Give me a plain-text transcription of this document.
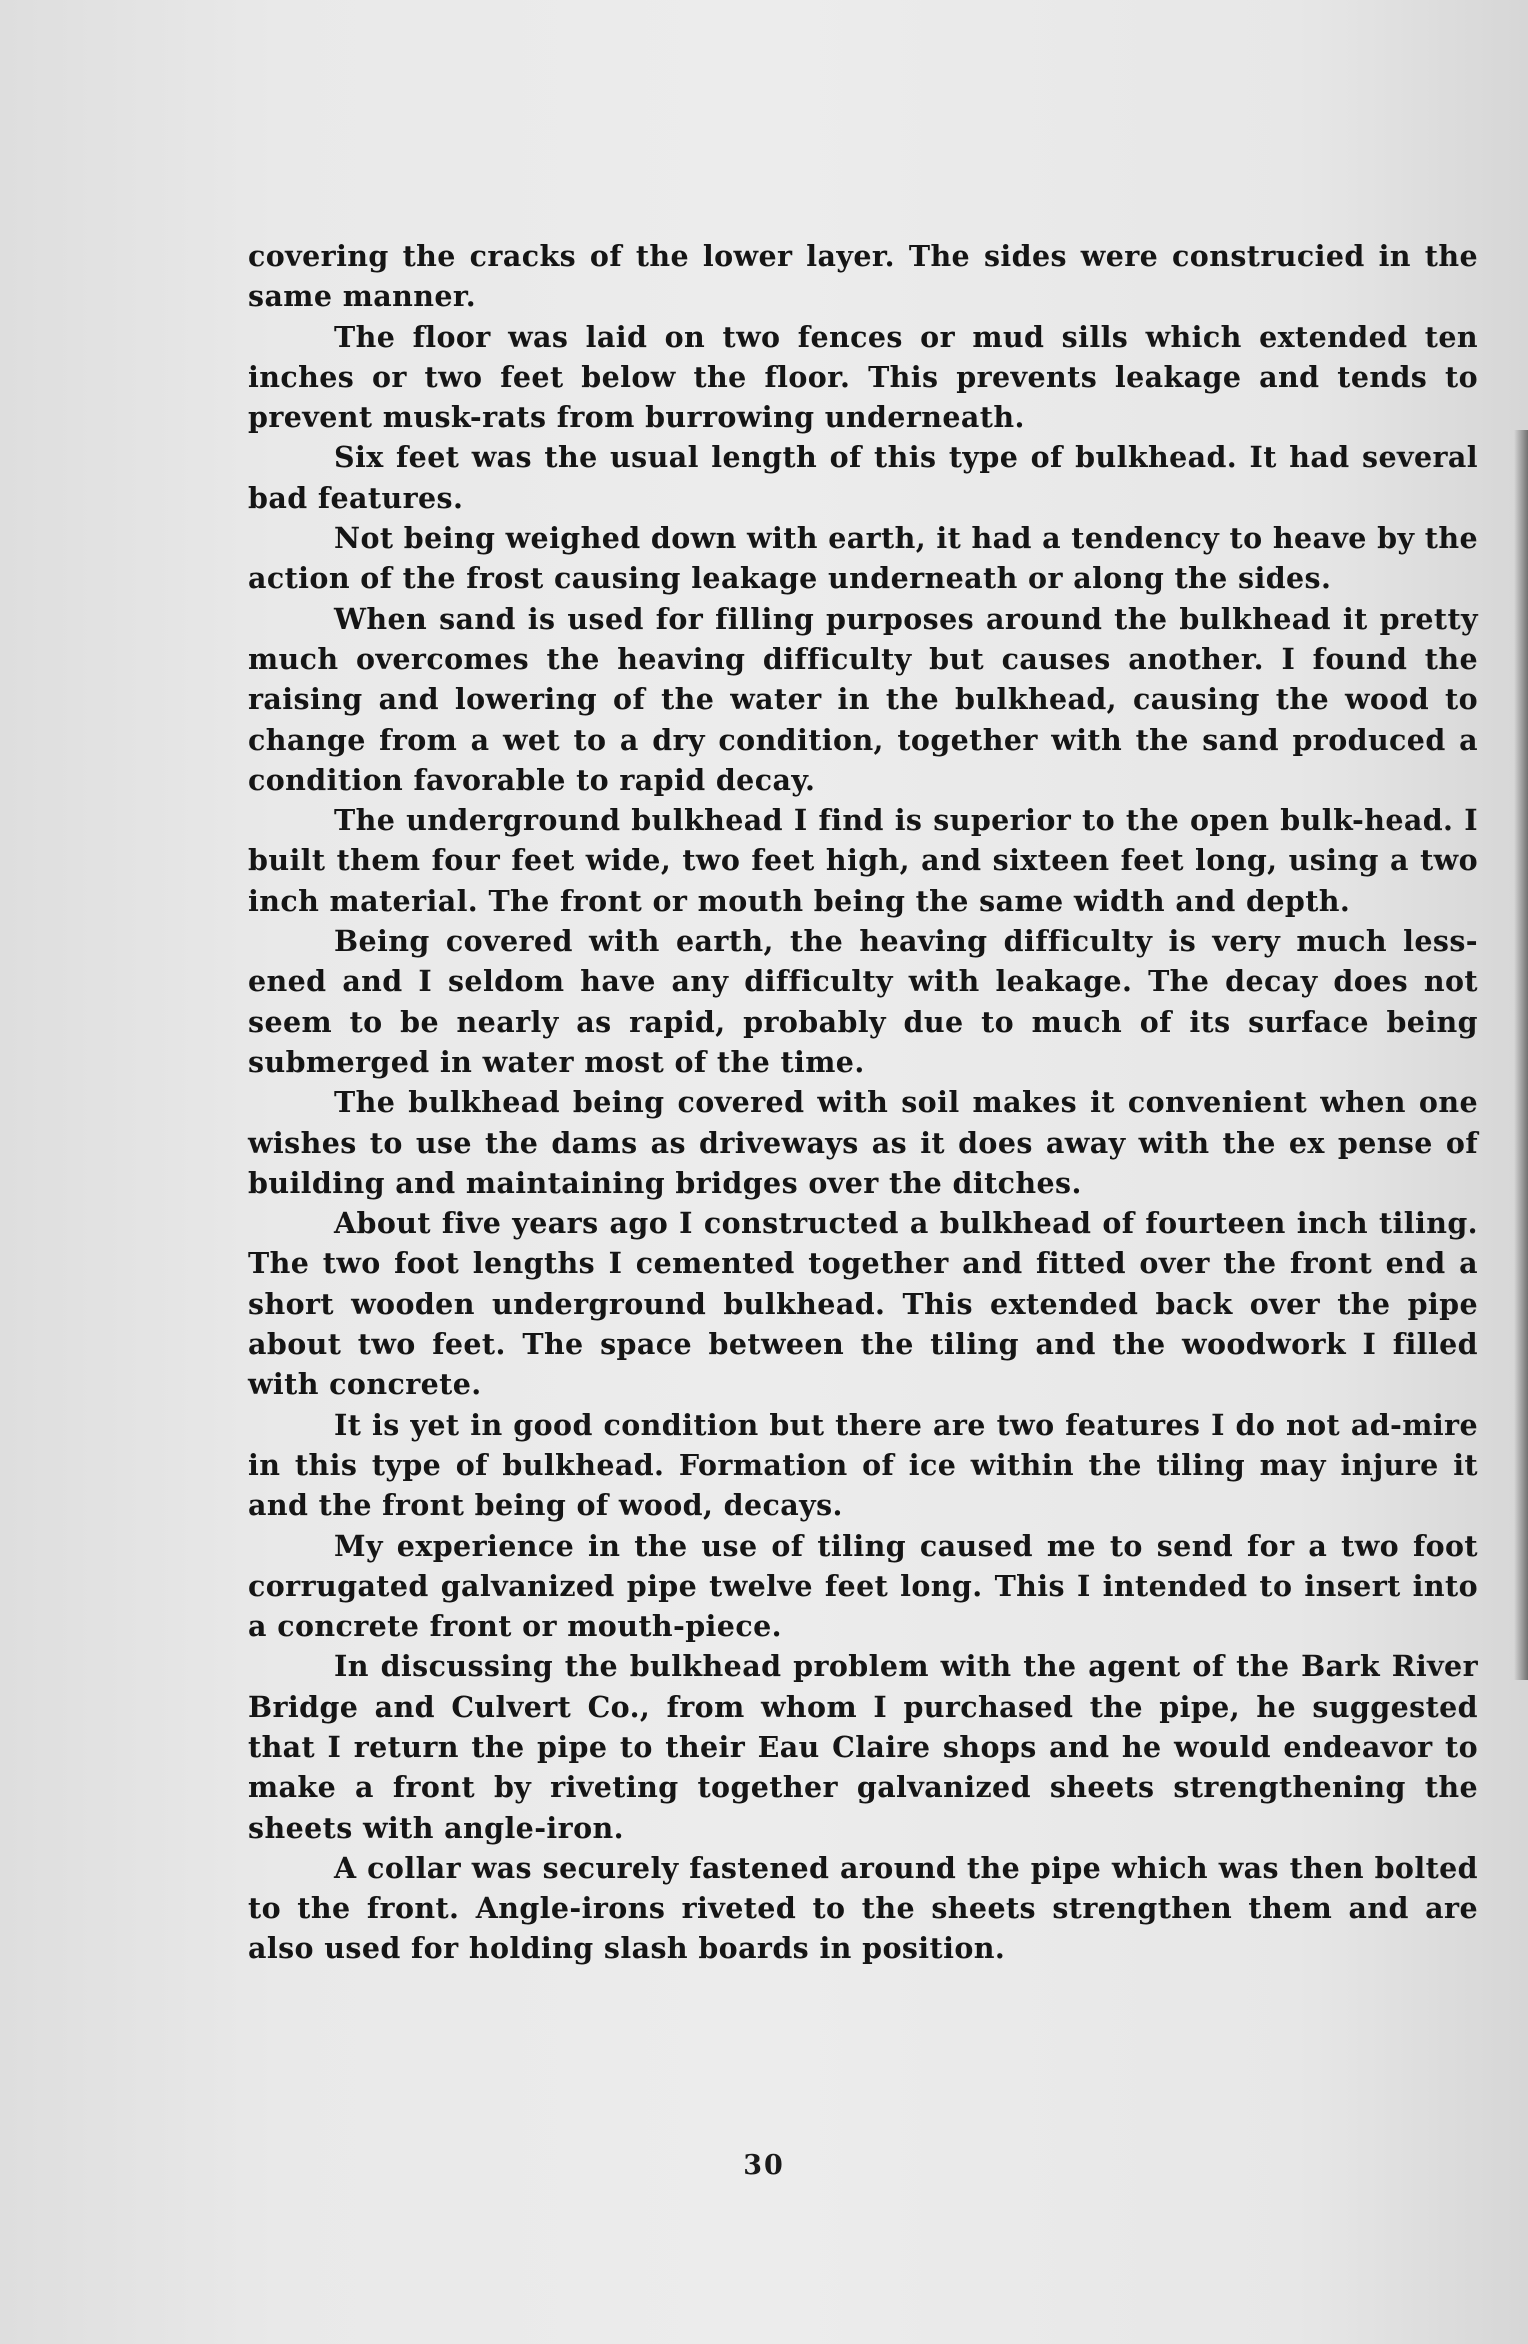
covering the cracks of the lower layer. The sides were construcied in the same manner.

The floor was laid on two fences or mud sills which extended ten inches or two feet below the floor. This prevents leakage and tends to prevent musk-rats from burrowing underneath.

Six feet was the usual length of this type of bulkhead. It had several bad features.

Not being weighed down with earth, it had a tendency to heave by the action of the frost causing leakage underneath or along the sides.

When sand is used for filling purposes around the bulkhead it pretty much overcomes the heaving difficulty but causes another. I found the raising and lowering of the water in the bulkhead, causing the wood to change from a wet to a dry condition, together with the sand produced a condition favorable to rapid decay.

The underground bulkhead I find is superior to the open bulk-head. I built them four feet wide, two feet high, and sixteen feet long, using a two inch material. The front or mouth being the same width and depth.

Being covered with earth, the heaving difficulty is very much less-ened and I seldom have any difficulty with leakage. The decay does not seem to be nearly as rapid, probably due to much of its surface being submerged in water most of the time.

The bulkhead being covered with soil makes it convenient when one wishes to use the dams as driveways as it does away with the ex pense of building and maintaining bridges over the ditches.

About five years ago I constructed a bulkhead of fourteen inch tiling. The two foot lengths I cemented together and fitted over the front end a short wooden underground bulkhead. This extended back over the pipe about two feet. The space between the tiling and the woodwork I filled with concrete.

It is yet in good condition but there are two features I do not ad-mire in this type of bulkhead. Formation of ice within the tiling may injure it and the front being of wood, decays.

My experience in the use of tiling caused me to send for a two foot corrugated galvanized pipe twelve feet long. This I intended to insert into a concrete front or mouth-piece.

In discussing the bulkhead problem with the agent of the Bark River Bridge and Culvert Co., from whom I purchased the pipe, he suggested that I return the pipe to their Eau Claire shops and he would endeavor to make a front by riveting together galvanized sheets strengthening the sheets with angle-iron.

A collar was securely fastened around the pipe which was then bolted to the front. Angle-irons riveted to the sheets strengthen them and are also used for holding slash boards in position.

30
